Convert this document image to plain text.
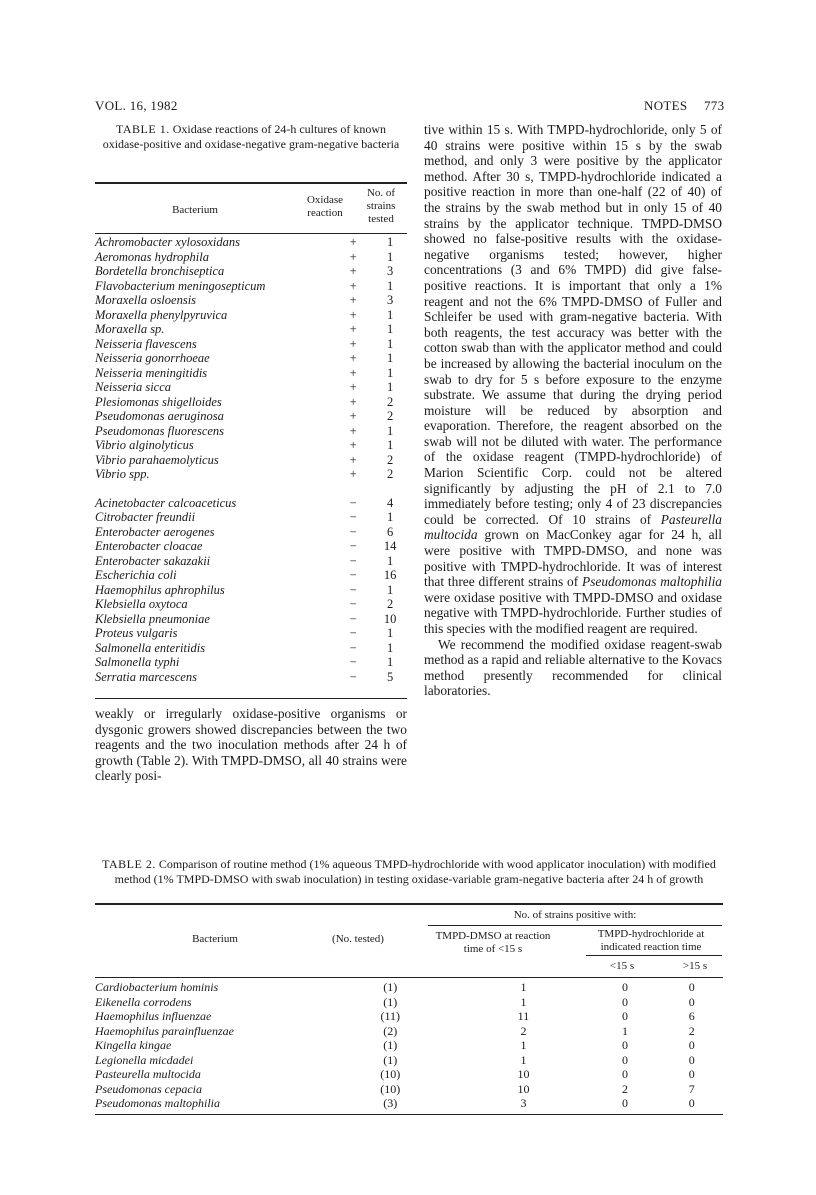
VOL. 16, 1982	NOTES 773
TABLE 1. Oxidase reactions of 24-h cultures of known oxidase-positive and oxidase-negative gram-negative bacteria
Bacterium
Oxidase reaction
No. of strains tested
Achromobacter xylosoxidans	+	1
Aeromonas hydrophila	+	1
Bordetella bronchiseptica	+	3
Flavobacterium meningosepticum	+	1
Moraxella osloensis	+	3
Moraxella phenylpyruvica	+	1
Moraxella sp.	+	1
Neisseria flavescens	+	1
Neisseria gonorrhoeae	+	1
Neisseria meningitidis	+	1
Neisseria sicca	+	1
Plesiomonas shigelloides	+	2
Pseudomonas aeruginosa	+	2
Pseudomonas fluorescens	+	1
Vibrio alginolyticus	+	1
Vibrio parahaemolyticus	+	2
Vibrio spp.	+	2

Acinetobacter calcoaceticus	−	4
Citrobacter freundii	−	1
Enterobacter aerogenes	−	6
Enterobacter cloacae	−	14
Enterobacter sakazakii	−	1
Escherichia coli	−	16
Haemophilus aphrophilus	−	1
Klebsiella oxytoca	−	2
Klebsiella pneumoniae	−	10
Proteus vulgaris	−	1
Salmonella enteritidis	−	1
Salmonella typhi	−	1
Serratia marcescens	−	5

weakly or irregularly oxidase-positive organisms or dysgonic growers showed discrepancies between the two reagents and the two inoculation methods after 24 h of growth (Table 2). With TMPD-DMSO, all 40 strains were clearly posi-

tive within 15 s. With TMPD-hydrochloride, only 5 of 40 strains were positive within 15 s by the swab method, and only 3 were positive by the applicator method. After 30 s, TMPD-hydrochloride indicated a positive reaction in more than one-half (22 of 40) of the strains by the swab method but in only 15 of 40 strains by the applicator technique. TMPD-DMSO showed no false-positive results with the oxidase-negative organisms tested; however, higher concentrations (3 and 6% TMPD) did give false-positive reactions. It is important that only a 1% reagent and not the 6% TMPD-DMSO of Fuller and Schleifer be used with gram-negative bacteria. With both reagents, the test accuracy was better with the cotton swab than with the applicator method and could be increased by allowing the bacterial inoculum on the swab to dry for 5 s before exposure to the enzyme substrate. We assume that during the drying period moisture will be reduced by absorption and evaporation. Therefore, the reagent absorbed on the swab will not be diluted with water. The performance of the oxidase reagent (TMPD-hydrochloride) of Marion Scientific Corp. could not be altered significantly by adjusting the pH of 2.1 to 7.0 immediately before testing; only 4 of 23 discrepancies could be corrected. Of 10 strains of Pasteurella multocida grown on MacConkey agar for 24 h, all were positive with TMPD-DMSO, and none was positive with TMPD-hydrochloride. It was of interest that three different strains of Pseudomonas maltophilia were oxidase positive with TMPD-DMSO and oxidase negative with TMPD-hydrochloride. Further studies of this species with the modified reagent are required.

We recommend the modified oxidase reagent-swab method as a rapid and reliable alternative to the Kovacs method presently recommended for clinical laboratories.

TABLE 2. Comparison of routine method (1% aqueous TMPD-hydrochloride with wood applicator inoculation) with modified method (1% TMPD-DMSO with swab inoculation) in testing oxidase-variable gram-negative bacteria after 24 h of growth
Bacterium	(No. tested)
No. of strains positive with:
TMPD-DMSO at reaction time of <15 s
TMPD-hydrochloride at indicated reaction time
<15 s	>15 s
Cardiobacterium hominis	(1)	1	0	0
Eikenella corrodens	(1)	1	0	0
Haemophilus influenzae	(11)	11	0	6
Haemophilus parainfluenzae	(2)	2	1	2
Kingella kingae	(1)	1	0	0
Legionella micdadei	(1)	1	0	0
Pasteurella multocida	(10)	10	0	0
Pseudomonas cepacia	(10)	10	2	7
Pseudomonas maltophilia	(3)	3	0	0
